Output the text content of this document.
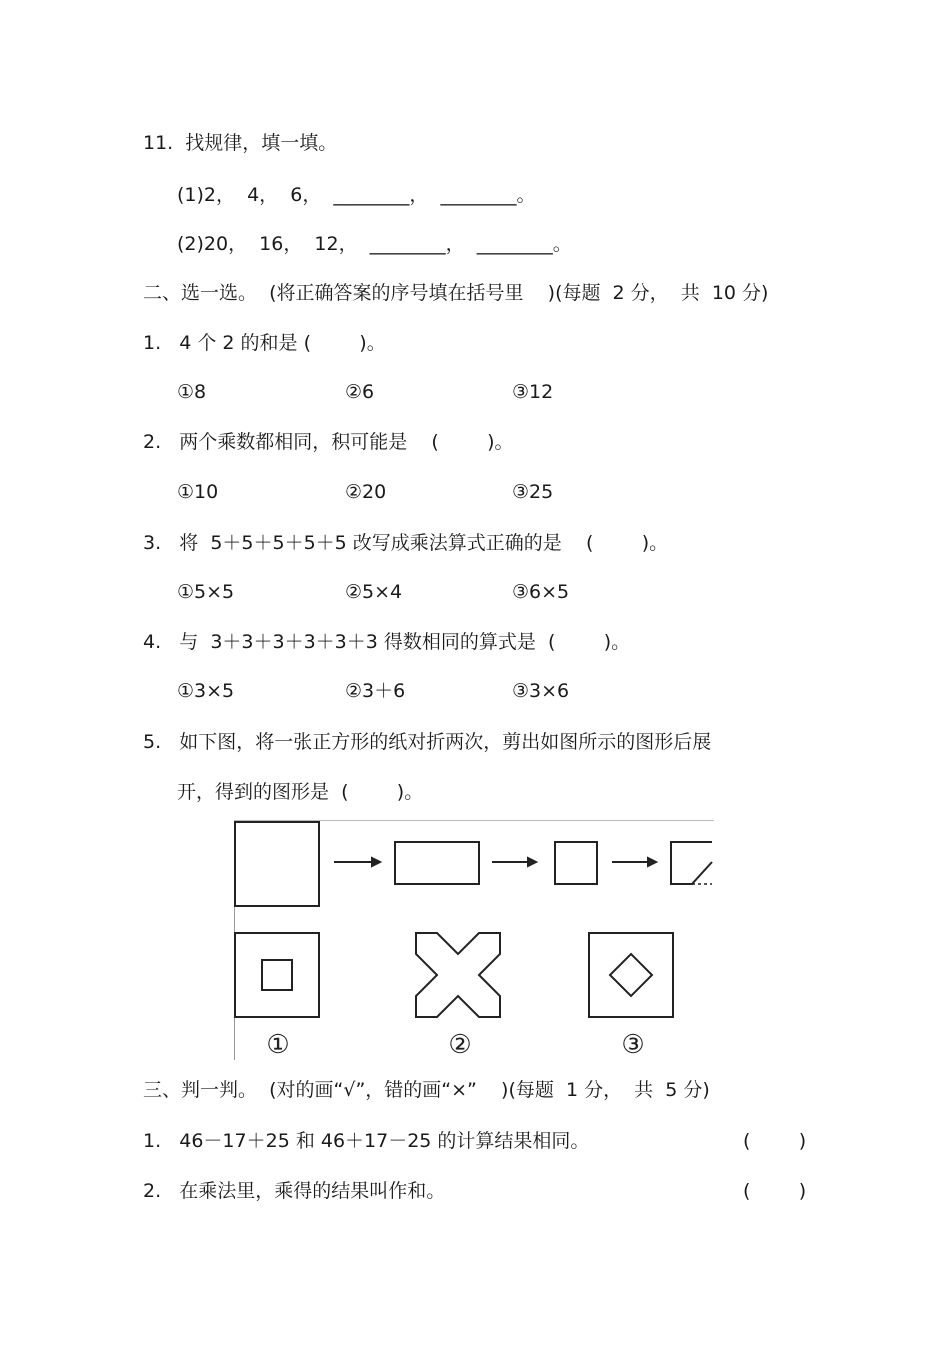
11.  找规律，填一填。
(1)2，  4，  6，  ________，  ________。
(2)20，  16，  12，  ________，  ________。
二、选一选。  (将正确答案的序号填在括号里    )(每题  2 分，  共  10 分)
1.   4 个 2 的和是 (        )。
①8	②6	③12
2.   两个乘数都相同，积可能是    (        )。
①10	②20	③25
3.   将  5＋5＋5＋5＋5 改写成乘法算式正确的是    (        )。
①5×5	②5×4	③6×5
4.   与  3＋3＋3＋3＋3＋3 得数相同的算式是  (        )。
①3×5	②3＋6	③3×6
5.   如下图，将一张正方形的纸对折两次，剪出如图所示的图形后展
开，得到的图形是  (        )。
①	②	③
三、判一判。  (对的画“√”，错的画“×”    )(每题  1 分，  共  5 分)
1.   46－17＋25 和 46＋17－25 的计算结果相同。	(        )
2.   在乘法里，乘得的结果叫作和。	(        )
